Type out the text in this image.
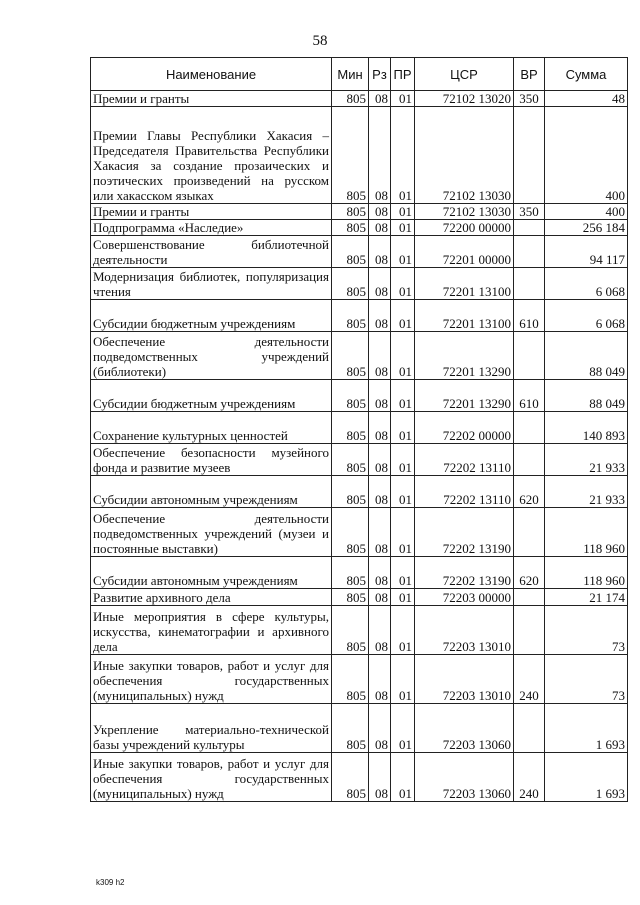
58
Наименование	Мин	Рз	ПР	ЦСР	ВР	Сумма
Премии и гранты	805	08	01	72102 13020	350	48
Премии Главы Республики Хакасия – Председателя Правительства Республики Хакасия за создание прозаических и поэтических произведений на русском или хакасском языках	805	08	01	72102 13030		400
Премии и гранты	805	08	01	72102 13030	350	400
Подпрограмма «Наследие»	805	08	01	72200 00000		256 184
Совершенствование библиотечной деятельности	805	08	01	72201 00000		94 117
Модернизация библиотек, популяризация чтения	805	08	01	72201 13100		6 068
Субсидии бюджетным учреждениям	805	08	01	72201 13100	610	6 068
Обеспечение деятельности подведомственных учреждений (библиотеки)	805	08	01	72201 13290		88 049
Субсидии бюджетным учреждениям	805	08	01	72201 13290	610	88 049
Сохранение культурных ценностей	805	08	01	72202 00000		140 893
Обеспечение безопасности музейного фонда и развитие музеев	805	08	01	72202 13110		21 933
Субсидии автономным учреждениям	805	08	01	72202 13110	620	21 933
Обеспечение деятельности подведомственных учреждений (музеи и постоянные выставки)	805	08	01	72202 13190		118 960
Субсидии автономным учреждениям	805	08	01	72202 13190	620	118 960
Развитие архивного дела	805	08	01	72203 00000		21 174
Иные мероприятия в сфере культуры, искусства, кинематографии и архивного дела	805	08	01	72203 13010		73
Иные закупки товаров, работ и услуг для обеспечения государственных (муниципальных) нужд	805	08	01	72203 13010	240	73
Укрепление материально-технической базы учреждений культуры	805	08	01	72203 13060		1 693
Иные закупки товаров, работ и услуг для обеспечения государственных (муниципальных) нужд	805	08	01	72203 13060	240	1 693
k309 h2
